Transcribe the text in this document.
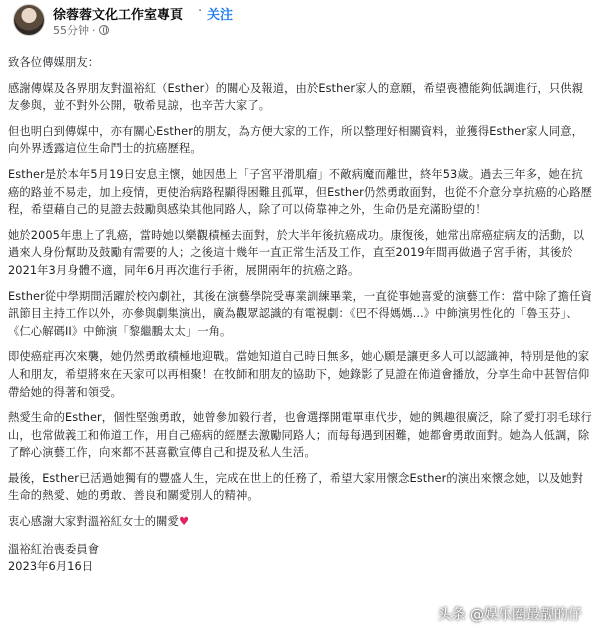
徐蓉蓉文化工作室專頁 · 关注
55分钟 ·

致各位傳媒朋友：

感謝傳媒及各界朋友對溫裕紅（Esther）的關心及報道，由於Esther家人的意願，希望喪禮能夠低調進行，只供親友參與，並不對外公開，敬希見諒，也辛苦大家了。

但也明白到傳媒中，亦有關心Esther的朋友，為方便大家的工作，所以整理好相關資料，並獲得Esther家人同意，向外界透露這位生命鬥士的抗癌歷程。

Esther是於本年5月19日安息主懷，她因患上「子宮平滑肌瘤」不敵病魔而離世，終年53歲。過去三年多，她在抗癌的路並不易走，加上疫情，更使治病路程顯得困難且孤單，但Esther仍然勇敢面對，也從不介意分享抗癌的心路歷程，希望藉自己的見證去鼓勵與感染其他同路人，除了可以倚靠神之外，生命仍是充滿盼望的！

她於2005年患上了乳癌，當時她以樂觀積極去面對，於大半年後抗癌成功。康復後，她常出席癌症病友的活動，以過來人身份幫助及鼓勵有需要的人；之後這十幾年一直正常生活及工作，直至2019年間再做過子宮手術，其後於2021年3月身體不適，同年6月再次進行手術，展開兩年的抗癌之路。

Esther從中學期間活躍於校內劇社，其後在演藝學院受專業訓練畢業，一直從事她喜愛的演藝工作：當中除了擔任資訊節目主持工作以外，亦參與劇集演出，廣為觀眾認識的有電視劇：《巴不得媽媽...》中飾演男性化的「魯玉芬」、《仁心解碼II》中飾演「黎繼鵬太太」一角。

即使癌症再次來襲，她仍然勇敢積極地迎戰。當她知道自己時日無多，她心願是讓更多人可以認識神，特別是他的家人和朋友，希望將來在天家可以再相聚！在牧師和朋友的協助下，她錄影了見證在佈道會播放，分享生命中甚智信仰帶給她的得著和領受。

熱愛生命的Esther，個性堅強勇敢，她曾參加毅行者，也會選擇開電單車代步，她的興趣很廣泛，除了愛打羽毛球行山，也常做義工和佈道工作，用自己癌病的經歷去激勵同路人；而每每遇到困難，她都會勇敢面對。她為人低調，除了醉心演藝工作，向來都不甚喜歡宣傳自己和提及私人生活。

最後，Esther已活過她獨有的豐盛人生，完成在世上的任務了，希望大家用懷念Esther的演出來懷念她，以及她對生命的熱愛、她的勇敢、善良和關愛別人的精神。

衷心感謝大家對溫裕紅女士的關愛♥

溫裕紅治喪委員會
2023年6月16日
头条 @娱乐圈最靓的仔
